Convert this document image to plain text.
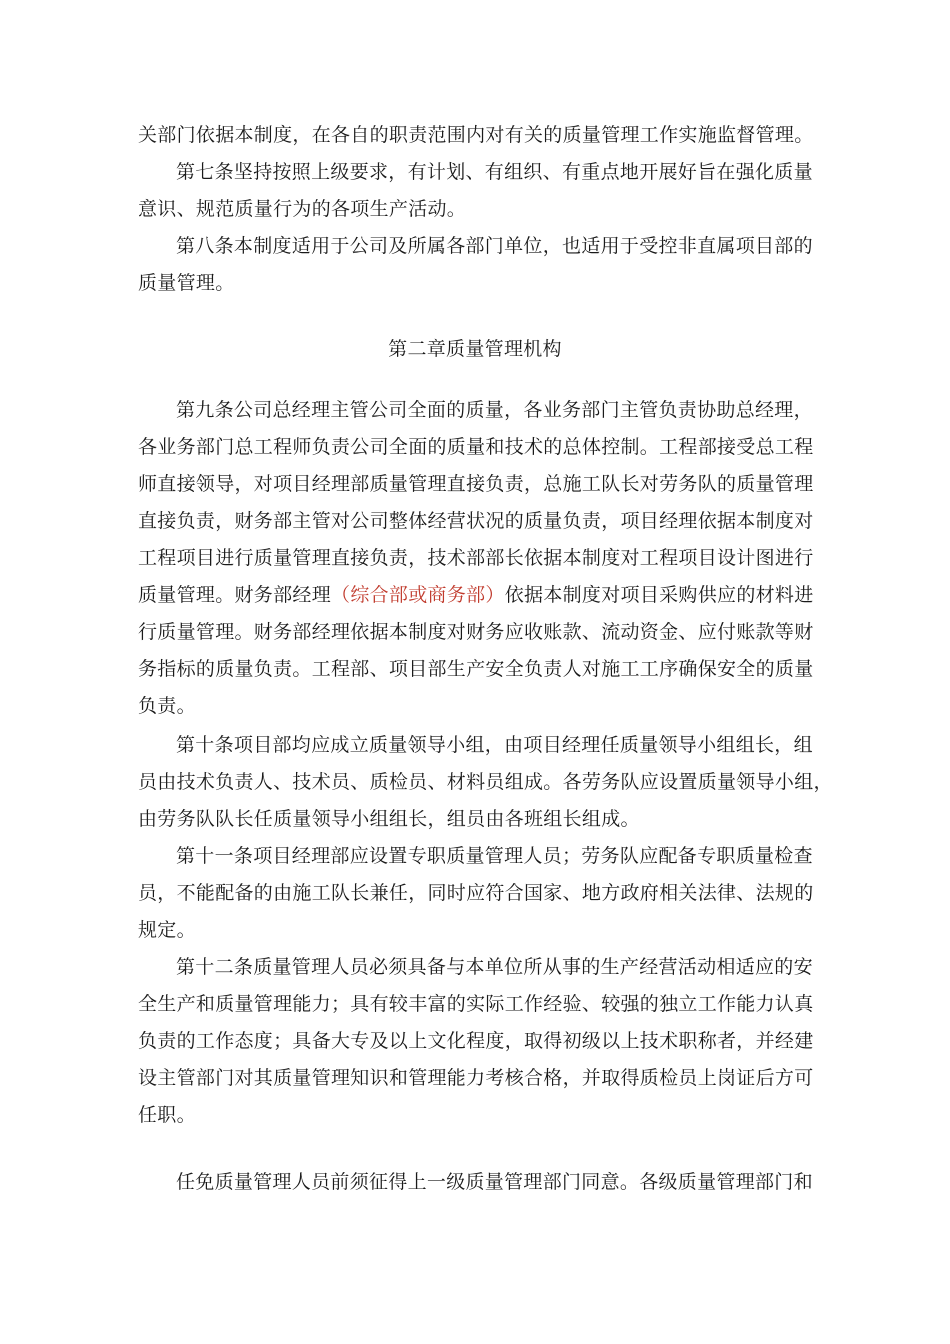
关部门依据本制度，在各自的职责范围内对有关的质量管理工作实施监督管理。
第七条坚持按照上级要求，有计划、有组织、有重点地开展好旨在强化质量
意识、规范质量行为的各项生产活动。
第八条本制度适用于公司及所属各部门单位，也适用于受控非直属项目部的
质量管理。
第二章质量管理机构
第九条公司总经理主管公司全面的质量，各业务部门主管负责协助总经理，
各业务部门总工程师负责公司全面的质量和技术的总体控制。工程部接受总工程
师直接领导，对项目经理部质量管理直接负责，总施工队长对劳务队的质量管理
直接负责，财务部主管对公司整体经营状况的质量负责，项目经理依据本制度对
工程项目进行质量管理直接负责，技术部部长依据本制度对工程项目设计图进行
质量管理。财务部经理（综合部或商务部）依据本制度对项目采购供应的材料进
行质量管理。财务部经理依据本制度对财务应收账款、流动资金、应付账款等财
务指标的质量负责。工程部、项目部生产安全负责人对施工工序确保安全的质量
负责。
第十条项目部均应成立质量领导小组，由项目经理任质量领导小组组长，组
员由技术负责人、技术员、质检员、材料员组成。各劳务队应设置质量领导小组，
由劳务队队长任质量领导小组组长，组员由各班组长组成。
第十一条项目经理部应设置专职质量管理人员；劳务队应配备专职质量检查
员，不能配备的由施工队长兼任，同时应符合国家、地方政府相关法律、法规的
规定。
第十二条质量管理人员必须具备与本单位所从事的生产经营活动相适应的安
全生产和质量管理能力；具有较丰富的实际工作经验、较强的独立工作能力认真
负责的工作态度；具备大专及以上文化程度，取得初级以上技术职称者，并经建
设主管部门对其质量管理知识和管理能力考核合格，并取得质检员上岗证后方可
任职。
任免质量管理人员前须征得上一级质量管理部门同意。各级质量管理部门和
